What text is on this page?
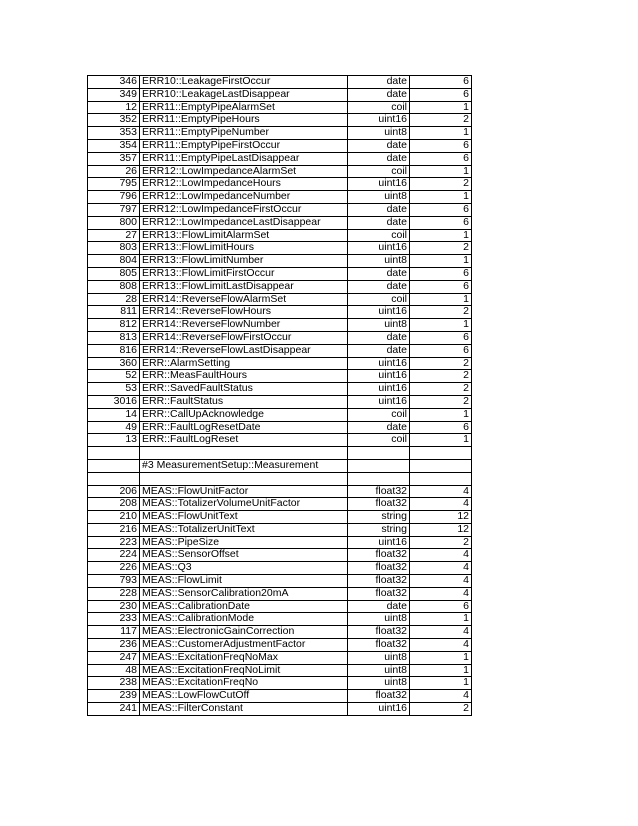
346	ERR10::LeakageFirstOccur	date	6
349	ERR10::LeakageLastDisappear	date	6
12	ERR11::EmptyPipeAlarmSet	coil	1
352	ERR11::EmptyPipeHours	uint16	2
353	ERR11::EmptyPipeNumber	uint8	1
354	ERR11::EmptyPipeFirstOccur	date	6
357	ERR11::EmptyPipeLastDisappear	date	6
26	ERR12::LowImpedanceAlarmSet	coil	1
795	ERR12::LowImpedanceHours	uint16	2
796	ERR12::LowImpedanceNumber	uint8	1
797	ERR12::LowImpedanceFirstOccur	date	6
800	ERR12::LowImpedanceLastDisappear	date	6
27	ERR13::FlowLimitAlarmSet	coil	1
803	ERR13::FlowLimitHours	uint16	2
804	ERR13::FlowLimitNumber	uint8	1
805	ERR13::FlowLimitFirstOccur	date	6
808	ERR13::FlowLimitLastDisappear	date	6
28	ERR14::ReverseFlowAlarmSet	coil	1
811	ERR14::ReverseFlowHours	uint16	2
812	ERR14::ReverseFlowNumber	uint8	1
813	ERR14::ReverseFlowFirstOccur	date	6
816	ERR14::ReverseFlowLastDisappear	date	6
360	ERR::AlarmSetting	uint16	2
52	ERR::MeasFaultHours	uint16	2
53	ERR::SavedFaultStatus	uint16	2
3016	ERR::FaultStatus	uint16	2
14	ERR::CallUpAcknowledge	coil	1
49	ERR::FaultLogResetDate	date	6
13	ERR::FaultLogReset	coil	1

	#3 MeasurementSetup::Measurement		

206	MEAS::FlowUnitFactor	float32	4
208	MEAS::TotalizerVolumeUnitFactor	float32	4
210	MEAS::FlowUnitText	string	12
216	MEAS::TotalizerUnitText	string	12
223	MEAS::PipeSize	uint16	2
224	MEAS::SensorOffset	float32	4
226	MEAS::Q3	float32	4
793	MEAS::FlowLimit	float32	4
228	MEAS::SensorCalibration20mA	float32	4
230	MEAS::CalibrationDate	date	6
233	MEAS::CalibrationMode	uint8	1
117	MEAS::ElectronicGainCorrection	float32	4
236	MEAS::CustomerAdjustmentFactor	float32	4
247	MEAS::ExcitationFreqNoMax	uint8	1
48	MEAS::ExcitationFreqNoLimit	uint8	1
238	MEAS::ExcitationFreqNo	uint8	1
239	MEAS::LowFlowCutOff	float32	4
241	MEAS::FilterConstant	uint16	2
